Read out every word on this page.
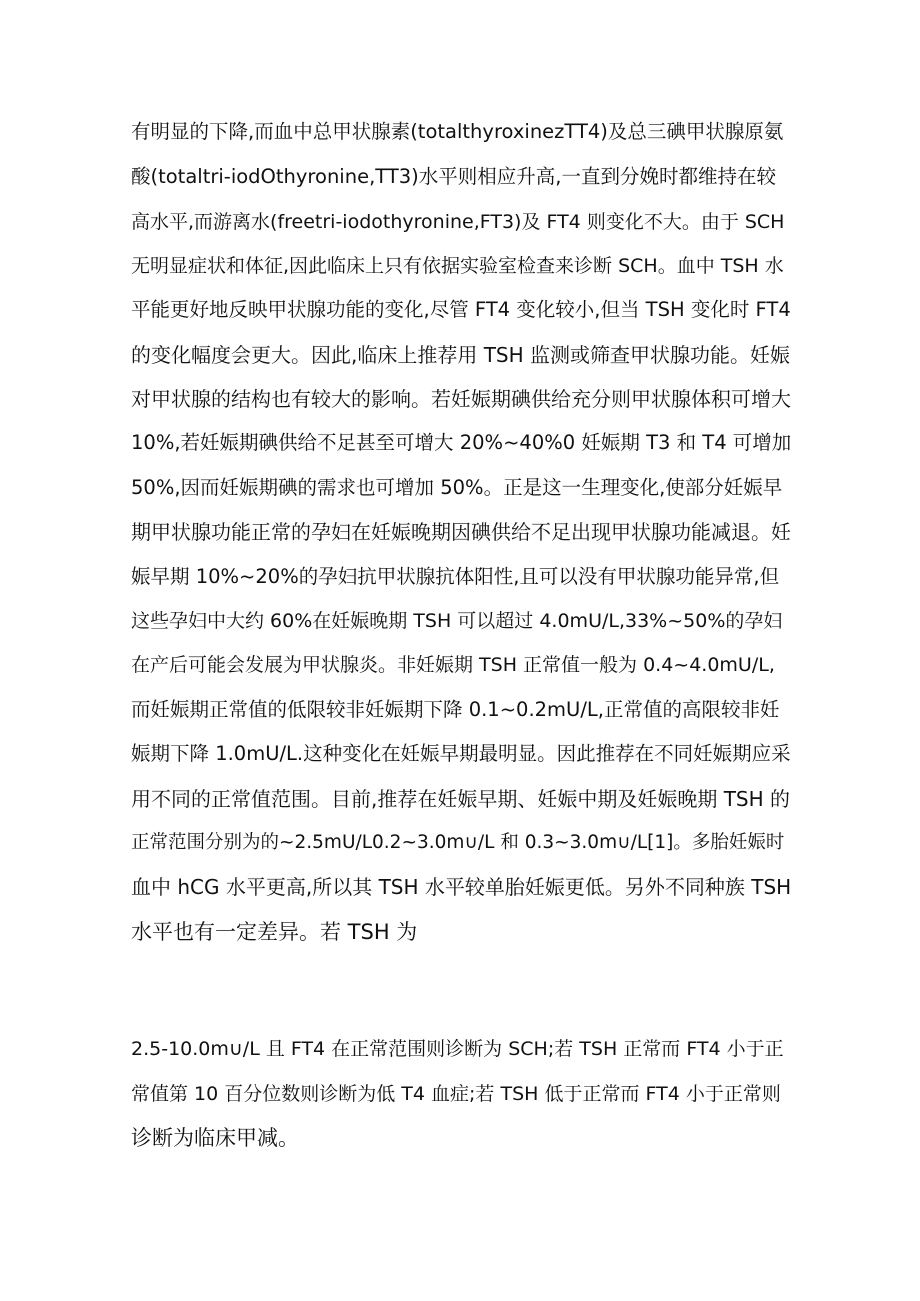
有明显的下降,而血中总甲状腺素(totalthyroxinezTT4)及总三碘甲状腺原氨
酸(totaltri-iodOthyronine,TT3)水平则相应升高,一直到分娩时都维持在较
高水平,而游离水(freetri-iodothyronine,FT3)及 FT4 则变化不大。由于 SCH
无明显症状和体征,因此临床上只有依据实验室检查来诊断 SCH。血中 TSH 水
平能更好地反映甲状腺功能的变化,尽管 FT4 变化较小,但当 TSH 变化时 FT4
的变化幅度会更大。因此,临床上推荐用 TSH 监测或筛查甲状腺功能。妊娠
对甲状腺的结构也有较大的影响。若妊娠期碘供给充分则甲状腺体积可增大
10%,若妊娠期碘供给不足甚至可增大 20%~40%0 妊娠期 T3 和 T4 可增加
50%,因而妊娠期碘的需求也可增加 50%。正是这一生理变化,使部分妊娠早
期甲状腺功能正常的孕妇在妊娠晚期因碘供给不足出现甲状腺功能减退。妊
娠早期 10%~20%的孕妇抗甲状腺抗体阳性,且可以没有甲状腺功能异常,但
这些孕妇中大约 60%在妊娠晚期 TSH 可以超过 4.0mU/L,33%~50%的孕妇
在产后可能会发展为甲状腺炎。非妊娠期 TSH 正常值一般为 0.4~4.0mU/L,
而妊娠期正常值的低限较非妊娠期下降 0.1~0.2mU/L,正常值的高限较非妊
娠期下降 1.0mU/L.这种变化在妊娠早期最明显。因此推荐在不同妊娠期应采
用不同的正常值范围。目前,推荐在妊娠早期、妊娠中期及妊娠晚期 TSH 的
正常范围分别为的~2.5mU/L0.2~3.0m∪/L 和 0.3~3.0m∪/L[1]。多胎妊娠时
血中 hCG 水平更高,所以其 TSH 水平较单胎妊娠更低。另外不同种族 TSH
水平也有一定差异。若 TSH 为
2.5-10.0m∪/L 且 FT4 在正常范围则诊断为 SCH;若 TSH 正常而 FT4 小于正
常值第 10 百分位数则诊断为低 T4 血症;若 TSH 低于正常而 FT4 小于正常则
诊断为临床甲减。
